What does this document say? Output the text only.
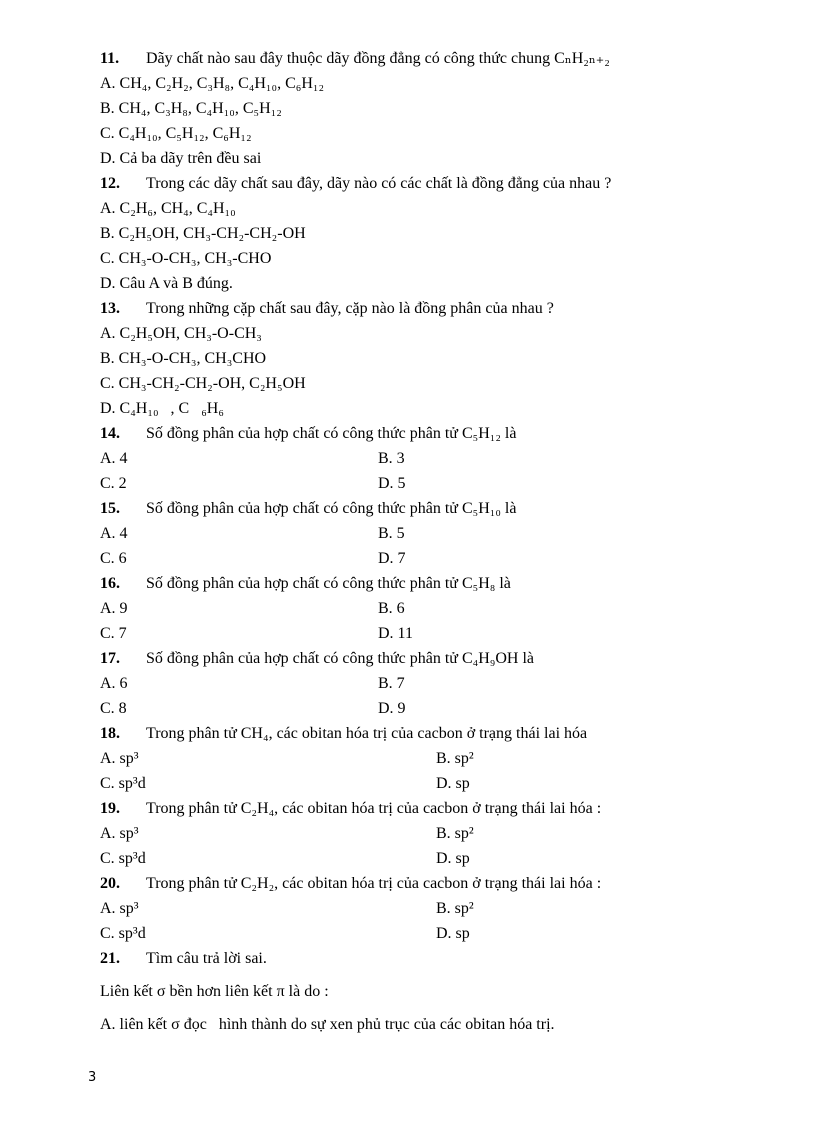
11. Dãy chất nào sau đây thuộc dãy đồng đẳng có công thức chung CₙH₂ₙ₊₂
A. CH₄, C₂H₂, C₃H₈, C₄H₁₀, C₆H₁₂
B. CH₄, C₃H₈, C₄H₁₀, C₅H₁₂
C. C₄H₁₀, C₅H₁₂, C₆H₁₂
D. Cả ba dãy trên đều sai
12. Trong các dãy chất sau đây, dãy nào có các chất là đồng đẳng của nhau ?
A. C₂H₆, CH₄, C₄H₁₀
B. C₂H₅OH, CH₃-CH₂-CH₂-OH
C. CH₃-O-CH₃, CH₃-CHO
D. Câu A và B đúng.
13. Trong những cặp chất sau đây, cặp nào là đồng phân của nhau ?
A. C₂H₅OH, CH₃-O-CH₃
B. CH₃-O-CH₃, CH₃CHO
C. CH₃-CH₂-CH₂-OH, C₂H₅OH
D. C₄H₁₀   , C   ₆H₆
14. Số đồng phân của hợp chất có công thức phân tử C₅H₁₂ là
A. 4	B. 3
C. 2	D. 5
15. Số đồng phân của hợp chất có công thức phân tử C₅H₁₀ là
A. 4	B. 5
C. 6	D. 7
16. Số đồng phân của hợp chất có công thức phân tử C₅H₈ là
A. 9	B. 6
C. 7	D. 11
17. Số đồng phân của hợp chất có công thức phân tử C₄H₉OH là
A. 6	B. 7
C. 8	D. 9
18. Trong phân tử CH₄, các obitan hóa trị của cacbon ở trạng thái lai hóa
A. sp³	B. sp²
C. sp³d	D. sp
19. Trong phân tử C₂H₄, các obitan hóa trị của cacbon ở trạng thái lai hóa :
A. sp³	B. sp²
C. sp³d	D. sp
20. Trong phân tử C₂H₂, các obitan hóa trị của cacbon ở trạng thái lai hóa :
A. sp³	B. sp²
C. sp³d	D. sp
21. Tìm câu trả lời sai.
Liên kết σ bền hơn liên kết π là do :
A. liên kết σ đọc   hình thành do sự xen phủ trục của các obitan hóa trị.
3
